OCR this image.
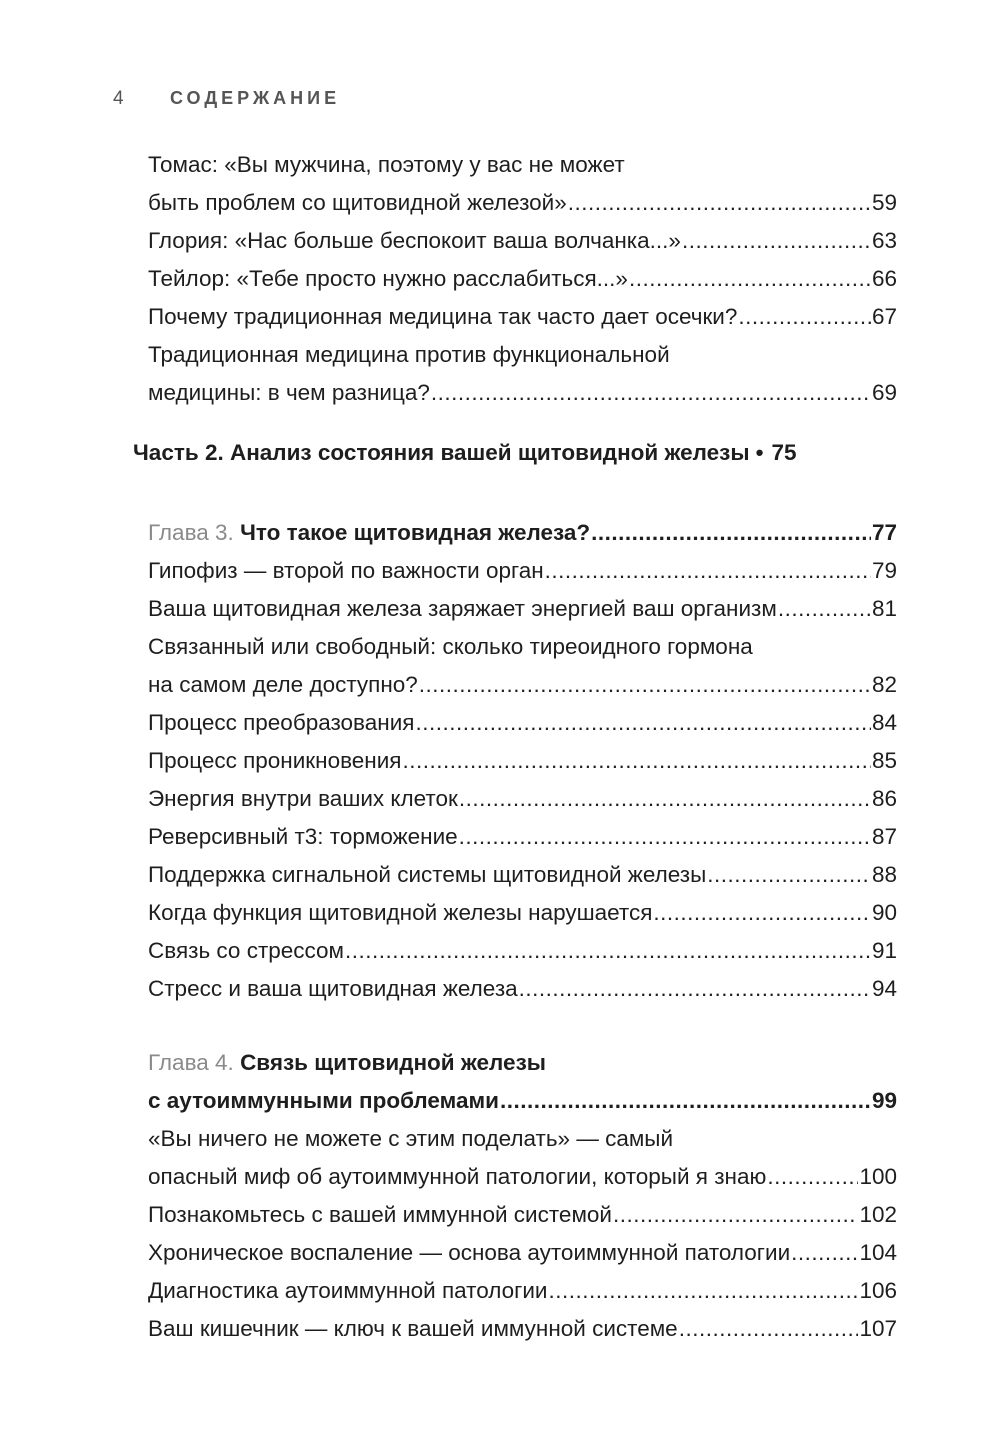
4	СОДЕРЖАНИЕ
Томас: «Вы мужчина, поэтому у вас не может
быть проблем со щитовидной железой» .....	59
Глория: «Нас больше беспокоит ваша волчанка...» .....	63
Тейлор: «Тебе просто нужно расслабиться...» .....	66
Почему традиционная медицина так часто дает осечки? .....	67
Традиционная медицина против функциональной
медицины: в чем разница? .....	69
Часть 2. Анализ состояния вашей щитовидной железы • 75
Глава 3. Что такое щитовидная железа? .....	77
Гипофиз — второй по важности орган .....	79
Ваша щитовидная железа заряжает энергией ваш организм .....	81
Связанный или свободный: сколько тиреоидного гормона
на самом деле доступно? .....	82
Процесс преобразования .....	84
Процесс проникновения .....	85
Энергия внутри ваших клеток .....	86
Реверсивный т3: торможение .....	87
Поддержка сигнальной системы щитовидной железы .....	88
Когда функция щитовидной железы нарушается .....	90
Связь со стрессом .....	91
Стресс и ваша щитовидная железа .....	94
Глава 4. Связь щитовидной железы
с аутоиммунными проблемами .....	99
«Вы ничего не можете с этим поделать» — самый
опасный миф об аутоиммунной патологии, который я знаю .....	100
Познакомьтесь с вашей иммунной системой .....	102
Хроническое воспаление — основа аутоиммунной патологии .....	104
Диагностика аутоиммунной патологии .....	106
Ваш кишечник — ключ к вашей иммунной системе .....	107
